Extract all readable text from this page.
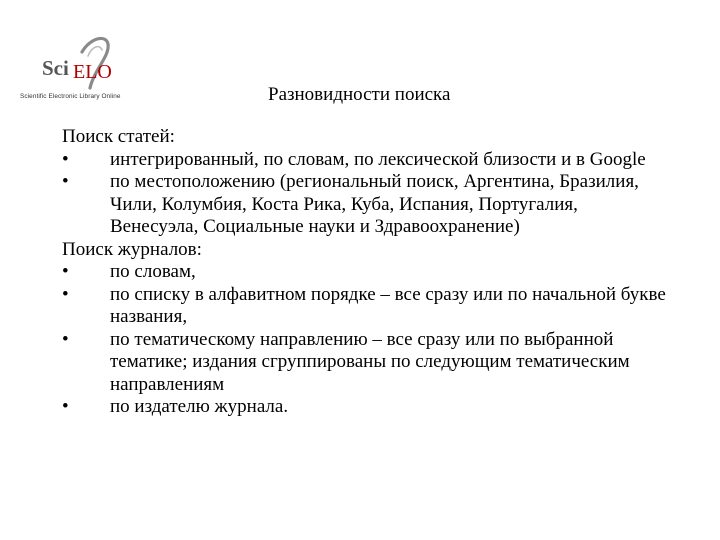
Sci ELO
Scientific Electronic Library Online	Разновидности поиска
Поиск статей:
•	интегрированный, по словам, по лексической близости и в Google
•	по местоположению (региональный поиск, Аргентина, Бразилия, Чили, Колумбия, Коста Рика, Куба, Испания, Португалия, Венесуэла, Социальные науки и Здравоохранение)
Поиск журналов:
•	по словам,
•	по списку в алфавитном порядке – все сразу или по начальной букве названия,
•	по тематическому направлению – все сразу или по выбранной тематике; издания сгруппированы по следующим тематическим направлениям
•	по издателю журнала.
